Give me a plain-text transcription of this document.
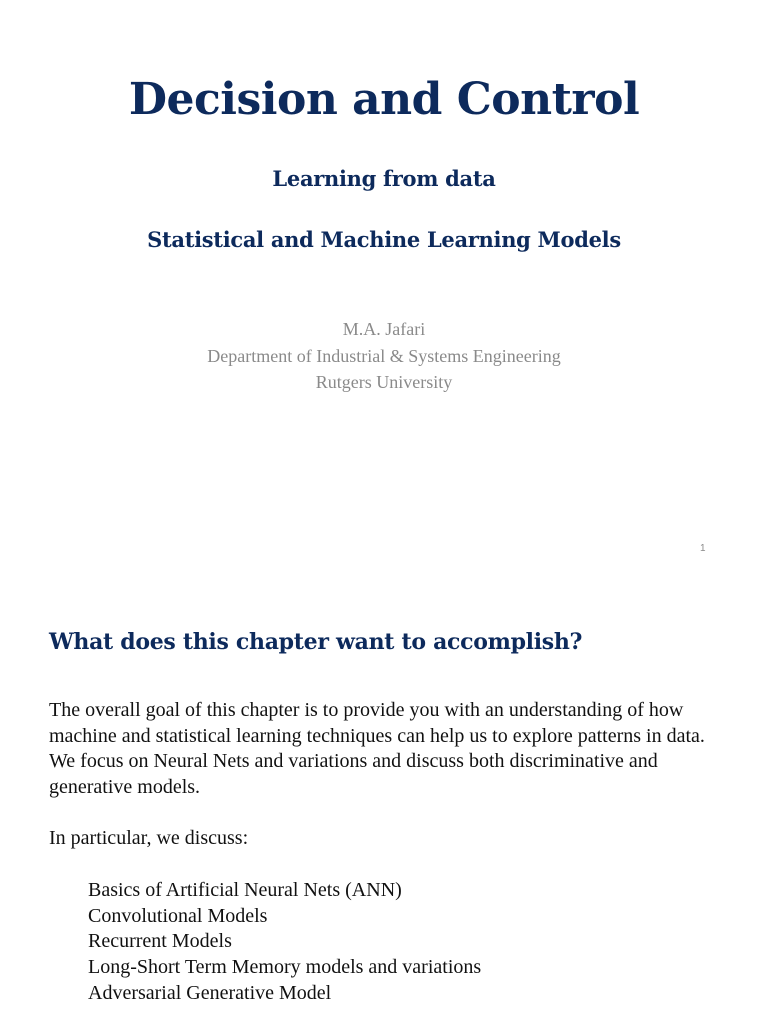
Decision and Control
Learning from data
Statistical and Machine Learning Models
M.A. Jafari
Department of Industrial & Systems Engineering
Rutgers University
1
What does this chapter want to accomplish?

The overall goal of this chapter is to provide you with an understanding of how machine and statistical learning techniques can help us to explore patterns in data. We focus on Neural Nets and variations and discuss both discriminative and generative models.

In particular, we discuss:

Basics of Artificial Neural Nets (ANN)
Convolutional Models
Recurrent Models
Long-Short Term Memory models and variations
Adversarial Generative Model
